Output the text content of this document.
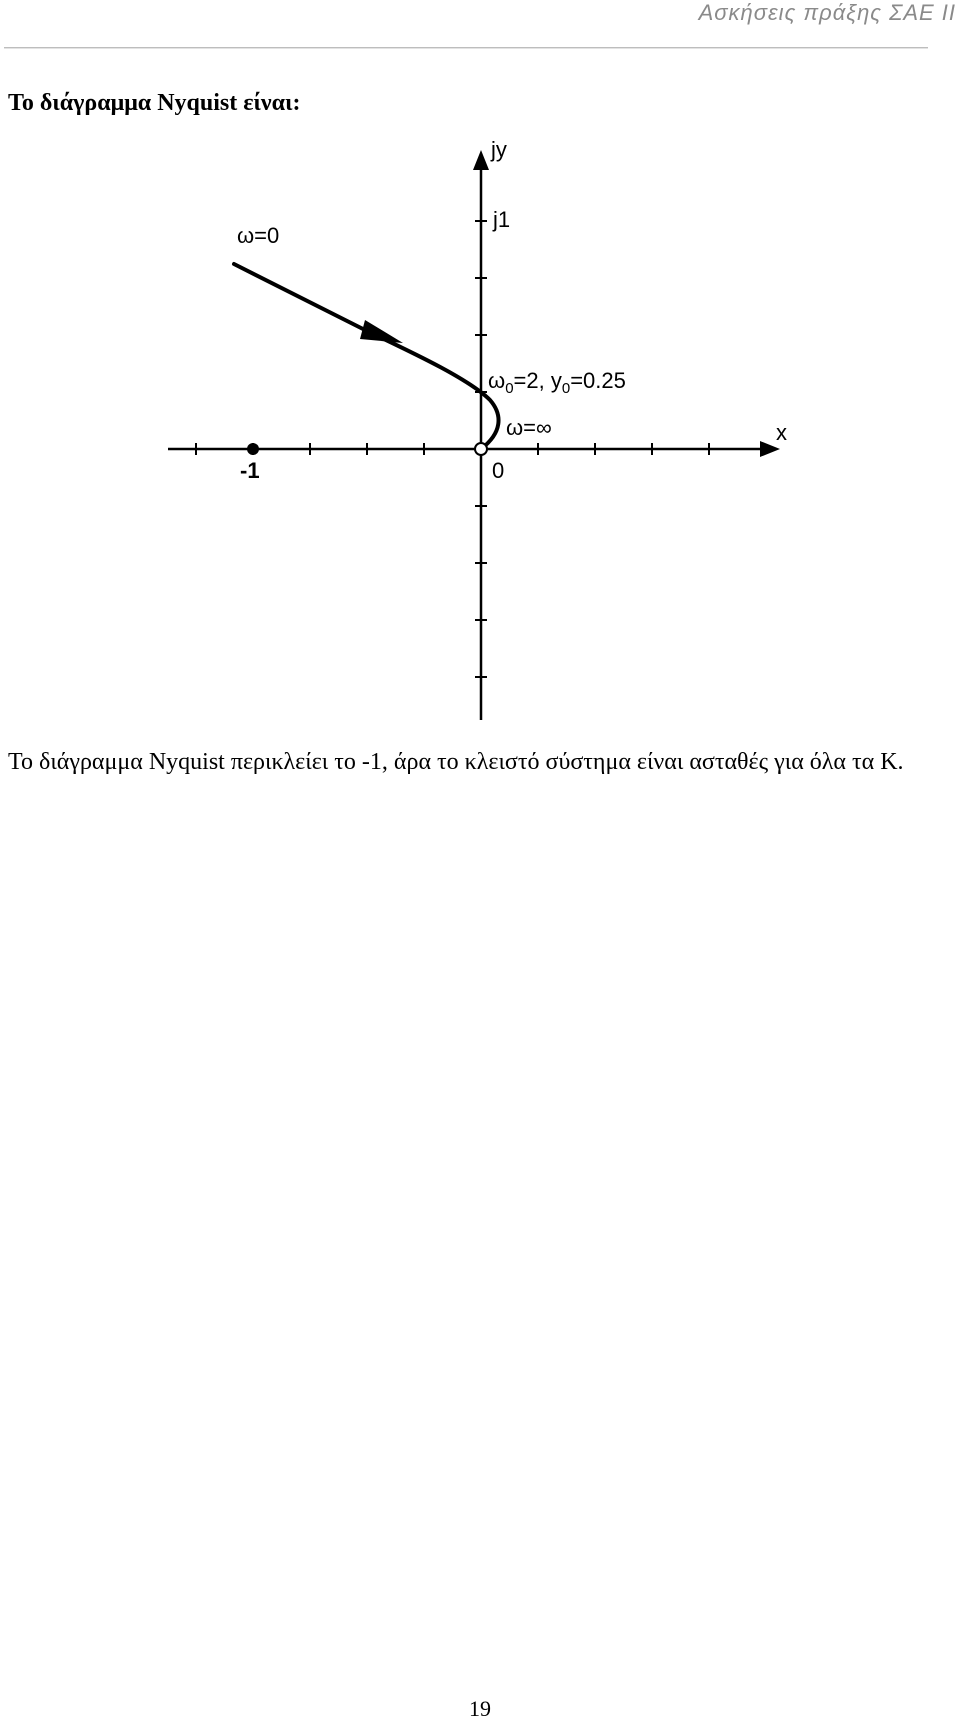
Ασκήσεις πράξης ΣΑΕ ΙΙ
Το διάγραμμα Nyquist είναι:
jy
x
j1
0
-1
ω=0
ω=∞
$\omega_0=2$, $y_0=0.25$
Το διάγραμμα Nyquist περικλείει το -1, άρα το κλειστό σύστημα είναι ασταθές για όλα τα K.
19
